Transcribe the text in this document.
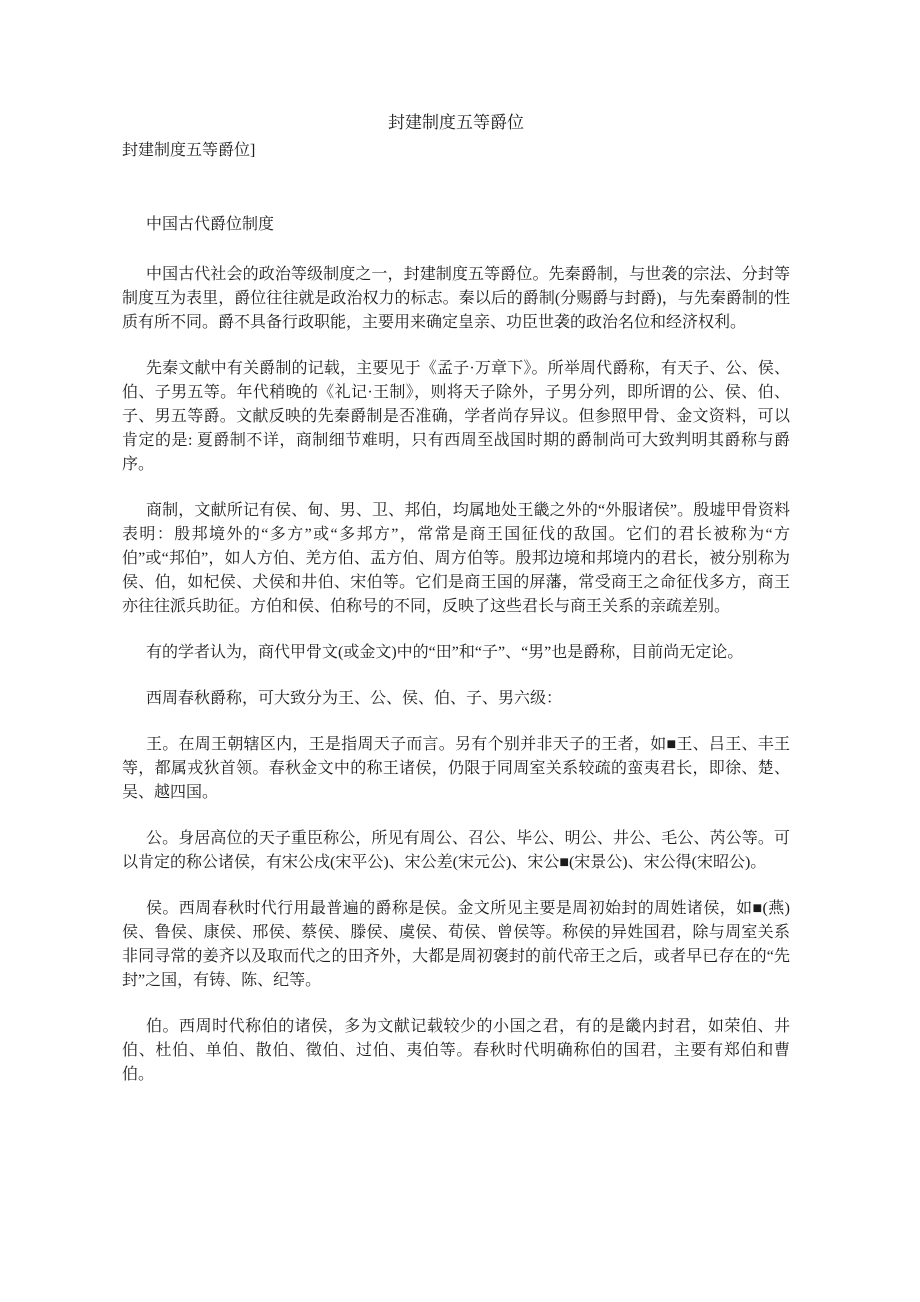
封建制度五等爵位
封建制度五等爵位]
中国古代爵位制度

中国古代社会的政治等级制度之一，封建制度五等爵位。先秦爵制，与世袭的宗法、分封等制度互为表里，爵位往往就是政治权力的标志。秦以后的爵制(分赐爵与封爵)，与先秦爵制的性质有所不同。爵不具备行政职能，主要用来确定皇亲、功臣世袭的政治名位和经济权利。

先秦文献中有关爵制的记载，主要见于《孟子·万章下》。所举周代爵称，有天子、公、侯、伯、子男五等。年代稍晚的《礼记·王制》，则将天子除外，子男分列，即所谓的公、侯、伯、子、男五等爵。文献反映的先秦爵制是否准确，学者尚存异议。但参照甲骨、金文资料，可以肯定的是: 夏爵制不详，商制细节难明，只有西周至战国时期的爵制尚可大致判明其爵称与爵序。

商制，文献所记有侯、甸、男、卫、邦伯，均属地处王畿之外的“外服诸侯”。殷墟甲骨资料表明：殷邦境外的“多方”或“多邦方”，常常是商王国征伐的敌国。它们的君长被称为“方伯”或“邦伯”，如人方伯、羌方伯、盂方伯、周方伯等。殷邦边境和邦境内的君长，被分别称为侯、伯，如杞侯、犬侯和井伯、宋伯等。它们是商王国的屏藩，常受商王之命征伐多方，商王亦往往派兵助征。方伯和侯、伯称号的不同，反映了这些君长与商王关系的亲疏差别。

有的学者认为，商代甲骨文(或金文)中的“田”和“子”、“男”也是爵称，目前尚无定论。

西周春秋爵称，可大致分为王、公、侯、伯、子、男六级：

王。在周王朝辖区内，王是指周天子而言。另有个别并非天子的王者，如■王、吕王、丰王等，都属戎狄首领。春秋金文中的称王诸侯，仍限于同周室关系较疏的蛮夷君长，即徐、楚、吴、越四国。

公。身居高位的天子重臣称公，所见有周公、召公、毕公、明公、井公、毛公、芮公等。可以肯定的称公诸侯，有宋公戌(宋平公)、宋公差(宋元公)、宋公■(宋景公)、宋公得(宋昭公)。

侯。西周春秋时代行用最普遍的爵称是侯。金文所见主要是周初始封的周姓诸侯，如■(燕)侯、鲁侯、康侯、邢侯、蔡侯、滕侯、虞侯、荀侯、曾侯等。称侯的异姓国君，除与周室关系非同寻常的姜齐以及取而代之的田齐外，大都是周初褒封的前代帝王之后，或者早已存在的“先封”之国，有铸、陈、纪等。

伯。西周时代称伯的诸侯，多为文献记载较少的小国之君，有的是畿内封君，如荣伯、井伯、杜伯、单伯、散伯、徵伯、过伯、夷伯等。春秋时代明确称伯的国君，主要有郑伯和曹伯。
